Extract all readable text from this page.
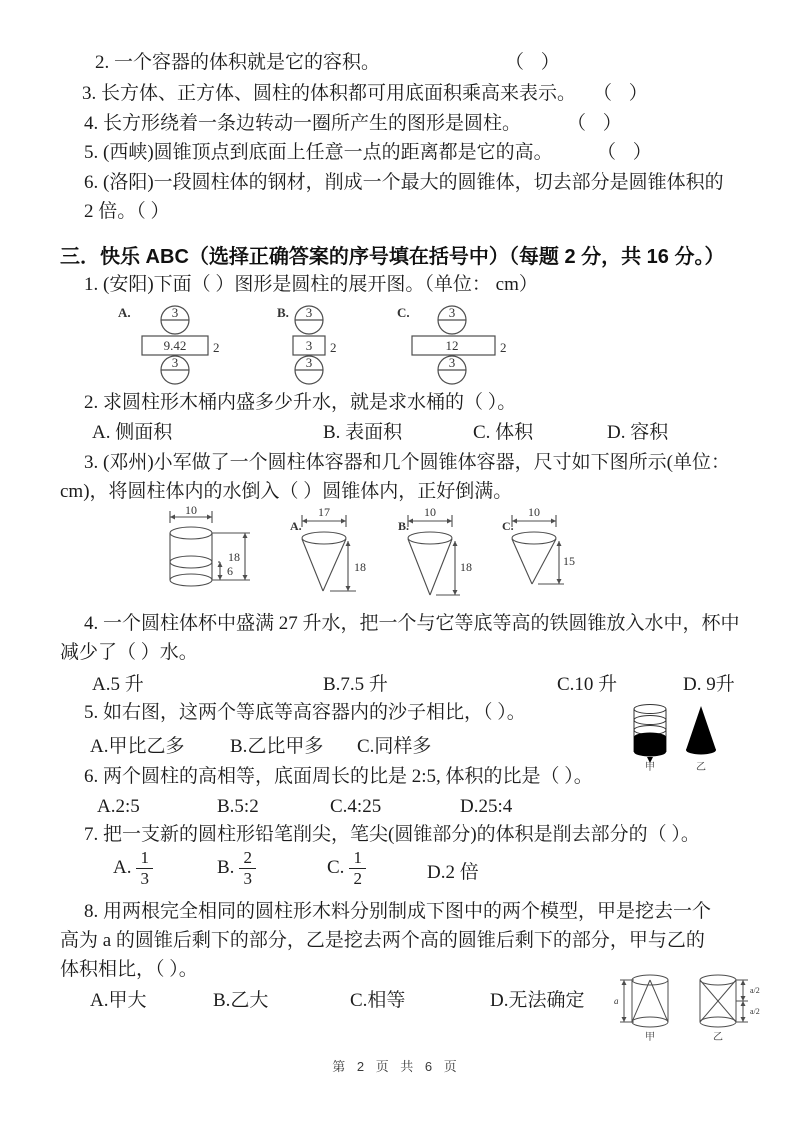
2. 一个容器的体积就是它的容积。	（ ）
3. 长方体、正方体、圆柱的体积都可用底面积乘高来表示。 （ ）
4. 长方形绕着一条边转动一圈所产生的图形是圆柱。 （ ）
5. (西峡)圆锥顶点到底面上任意一点的距离都是它的高。 （ ）
6. (洛阳)一段圆柱体的钢材，削成一个最大的圆锥体，切去部分是圆锥体积的
2 倍。（ ）
三．快乐 ABC（选择正确答案的序号填在括号中）（每题 2 分，共 16 分。）
1. (安阳)下面（ ）图形是圆柱的展开图。（单位： cm）
A.	3
9.42 2
3
B. 3
3 2
3
C.	3
12	2
3
2. 求圆柱形木桶内盛多少升水，就是求水桶的（ ）。
A. 侧面积	B. 表面积	C. 体积	D. 容积
3. (邓州)小军做了一个圆柱体容器和几个圆锥体容器，尺寸如下图所示(单位：
cm)，将圆柱体内的水倒入（ ）圆锥体内，正好倒满。
10
18
6
A.
17
18
B.
10
18
C.
10
15
4. 一个圆柱体杯中盛满 27 升水，把一个与它等底等高的铁圆锥放入水中，杯中
减少了（ ）水。
A.5 升	B.7.5 升	C.10 升	D. 9升
5. 如右图，这两个等底等高容器内的沙子相比，（ ）。
A.甲比乙多 B.乙比甲多 C.同样多
甲	乙
6. 两个圆柱的高相等，底面周长的比是 2:5, 体积的比是（ ）。
A.2:5	B.5:2	C.4:25	D.25:4
7. 把一支新的圆柱形铅笔削尖，笔尖(圆锥部分)的体积是削去部分的（ ）。
A. $\frac{1}{3}$	B. $\frac{2}{3}$	C. $\frac{1}{2}$	D.2 倍
8. 用两根完全相同的圆柱形木料分别制成下图中的两个模型，甲是挖去一个
高为 a 的圆锥后剩下的部分，乙是挖去两个高的圆锥后剩下的部分，甲与乙的
体积相比，（ ）。
A.甲大	B.乙大	C.相等	D.无法确定	a
a/2
a/2
甲	乙
第 2 页 共 6 页
